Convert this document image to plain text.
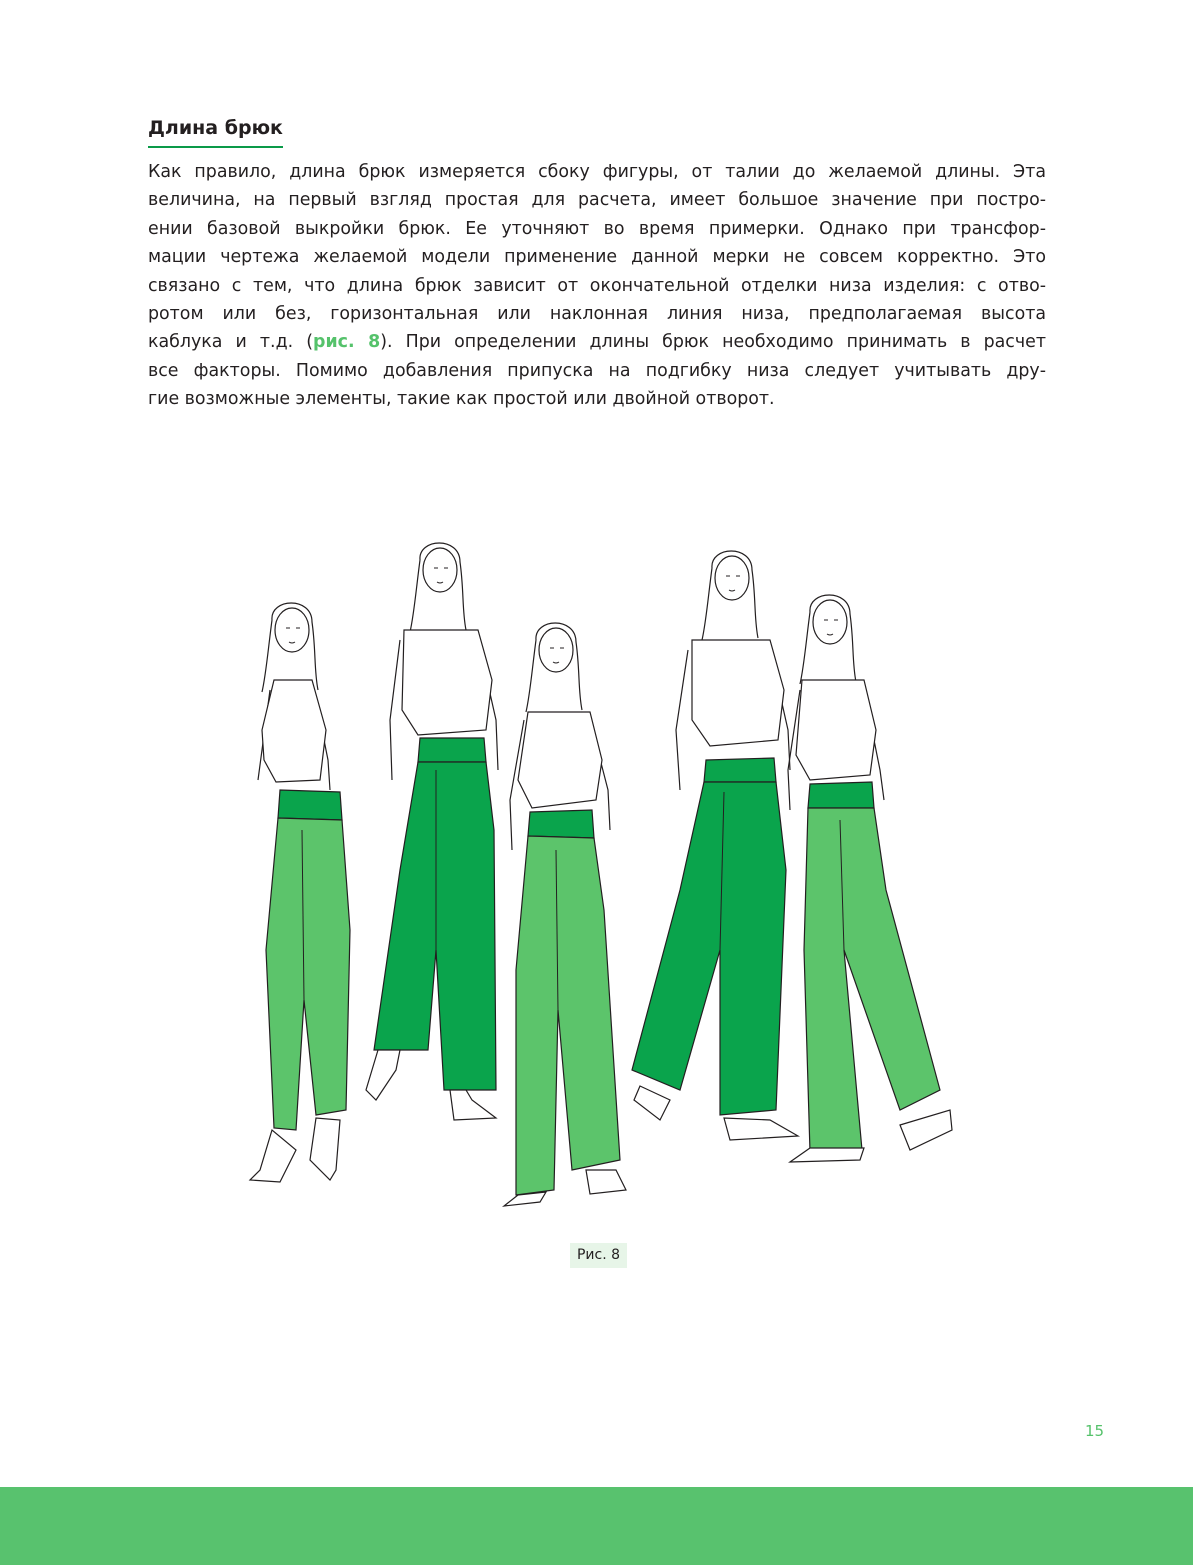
Длина брюк

Как правило, длина брюк измеряется сбоку фигуры, от талии до желаемой длины. Эта
величина, на первый взгляд простая для расчета, имеет большое значение при постро-
ении базовой выкройки брюк. Ее уточняют во время примерки. Однако при трансфор-
мации чертежа желаемой модели применение данной мерки не совсем корректно. Это
связано с тем, что длина брюк зависит от окончательной отделки низа изделия: с отво-
ротом или без, горизонтальная или наклонная линия низа, предполагаемая высота
каблука и т.д. (рис. 8). При определении длины брюк необходимо принимать в расчет
все факторы. Помимо добавления припуска на подгибку низа следует учитывать дру-
гие возможные элементы, такие как простой или двойной отворот.

Рис. 8
15
